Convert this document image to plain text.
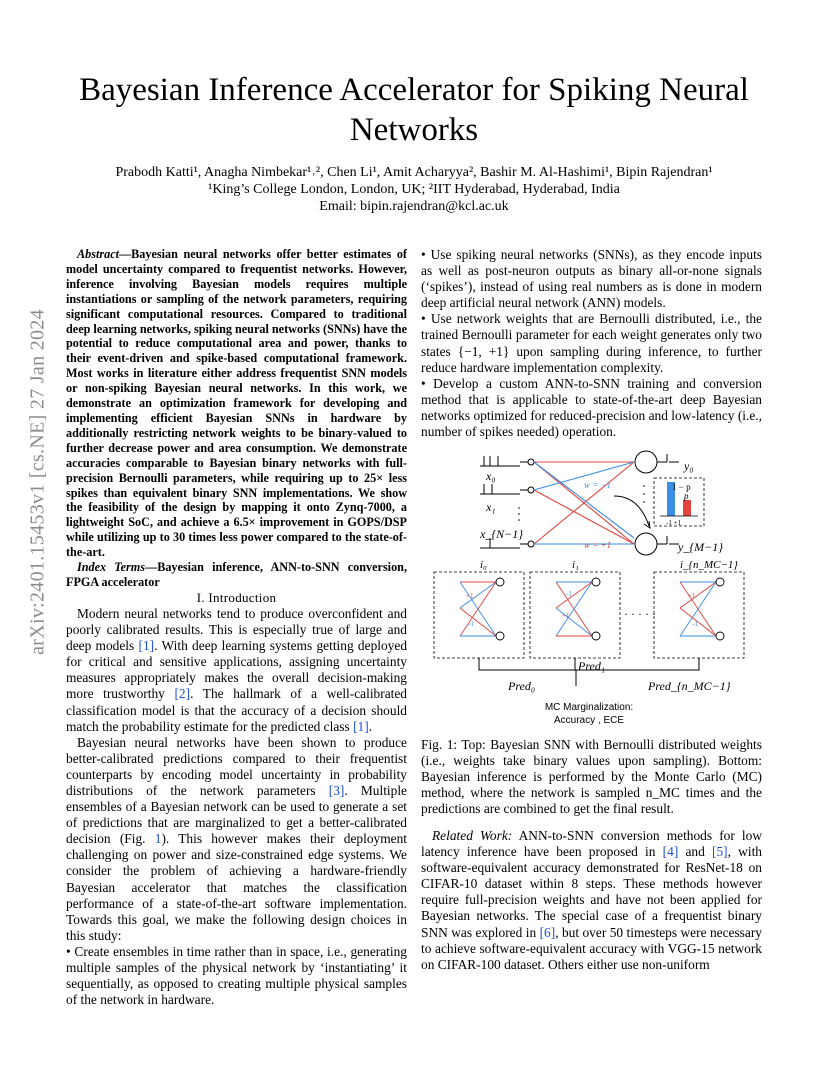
arXiv:2401.15453v1 [cs.NE] 27 Jan 2024
Bayesian Inference Accelerator for Spiking Neural Networks
Prabodh Katti¹, Anagha Nimbekar¹˒², Chen Li¹, Amit Acharyya², Bashir M. Al-Hashimi¹, Bipin Rajendran¹
¹King’s College London, London, UK; ²IIT Hyderabad, Hyderabad, India
Email: bipin.rajendran@kcl.ac.uk

Abstract—Bayesian neural networks offer better estimates of model uncertainty compared to frequentist networks. However, inference involving Bayesian models requires multiple instantiations or sampling of the network parameters, requiring significant computational resources. Compared to traditional deep learning networks, spiking neural networks (SNNs) have the potential to reduce computational area and power, thanks to their event-driven and spike-based computational framework. Most works in literature either address frequentist SNN models or non-spiking Bayesian neural networks. In this work, we demonstrate an optimization framework for developing and implementing efficient Bayesian SNNs in hardware by additionally restricting network weights to be binary-valued to further decrease power and area consumption. We demonstrate accuracies comparable to Bayesian binary networks with full-precision Bernoulli parameters, while requiring up to 25× less spikes than equivalent binary SNN implementations. We show the feasibility of the design by mapping it onto Zynq-7000, a lightweight SoC, and achieve a 6.5× improvement in GOPS/DSP while utilizing up to 30 times less power compared to the state-of-the-art.

Index Terms—Bayesian inference, ANN-to-SNN conversion, FPGA accelerator

I. Introduction

Modern neural networks tend to produce overconfident and poorly calibrated results. This is especially true of large and deep models [1]. With deep learning systems getting deployed for critical and sensitive applications, assigning uncertainty measures appropriately makes the overall decision-making more trustworthy [2]. The hallmark of a well-calibrated classification model is that the accuracy of a decision should match the probability estimate for the predicted class [1].

Bayesian neural networks have been shown to produce better-calibrated predictions compared to their frequentist counterparts by encoding model uncertainty in probability distributions of the network parameters [3]. Multiple ensembles of a Bayesian network can be used to generate a set of predictions that are marginalized to get a better-calibrated decision (Fig. 1). This however makes their deployment challenging on power and size-constrained edge systems. We consider the problem of achieving a hardware-friendly Bayesian accelerator that matches the classification performance of a state-of-the-art software implementation. Towards this goal, we make the following design choices in this study:

• Create ensembles in time rather than in space, i.e., generating multiple samples of the physical network by ‘instantiating’ it sequentially, as opposed to creating multiple physical samples of the network in hardware.

• Use spiking neural networks (SNNs), as they encode inputs as well as post-neuron outputs as binary all-or-none signals (‘spikes’), instead of using real numbers as is done in modern deep artificial neural network (ANN) models.

• Use network weights that are Bernoulli distributed, i.e., the trained Bernoulli parameter for each weight generates only two states {−1, +1} upon sampling during inference, to further reduce hardware implementation complexity.

• Develop a custom ANN-to-SNN training and conversion method that is applicable to state-of-the-art deep Bayesian networks optimized for reduced-precision and low-latency (i.e., number of spikes needed) operation.

x₀
x₁
x_{N−1}
y₀
y_{M−1}
w = −1
w = +1
1 − p
p
-1 +1
i₀	i₁	i_{n_MC−1}
+1
+1
+1
-1
-1
-1
· · · · ·
Pred₀
Pred₁
Pred_{n_MC−1}
MC Marginalization:
Accuracy , ECE
Fig. 1: Top: Bayesian SNN with Bernoulli distributed weights (i.e., weights take binary values upon sampling). Bottom: Bayesian inference is performed by the Monte Carlo (MC) method, where the network is sampled n_MC times and the predictions are combined to get the final result.

Related Work: ANN-to-SNN conversion methods for low latency inference have been proposed in [4] and [5], with software-equivalent accuracy demonstrated for ResNet-18 on CIFAR-10 dataset within 8 steps. These methods however require full-precision weights and have not been applied for Bayesian networks. The special case of a frequentist binary SNN was explored in [6], but over 50 timesteps were necessary to achieve software-equivalent accuracy with VGG-15 network on CIFAR-100 dataset. Others either use non-uniform
